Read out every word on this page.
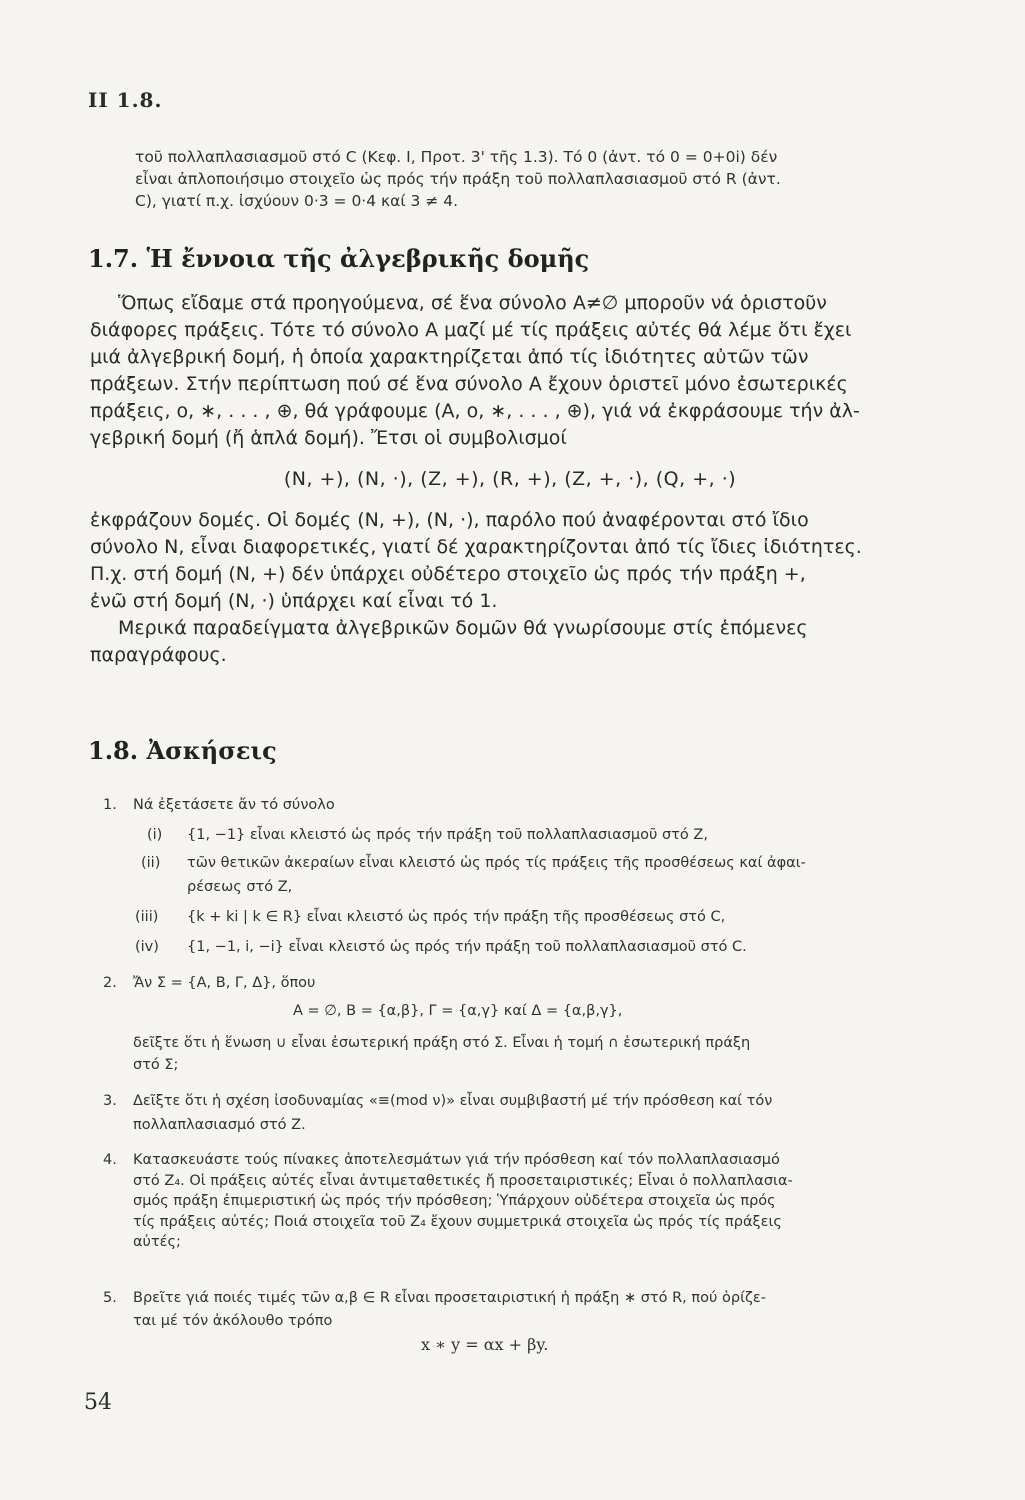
II 1.8.
τοῦ πολλαπλασιασμοῦ στό C (Κεφ. Ι, Προτ. 3' τῆς 1.3). Τό 0 (ἀντ. τό 0 = 0+0i) δέν
εἶναι ἀπλοποιήσιμο στοιχεῖο ὡς πρός τήν πράξη τοῦ πολλαπλασιασμοῦ στό R (ἀντ.
C), γιατί π.χ. ἰσχύουν 0·3 = 0·4 καί 3 ≠ 4.
1.7. Ἡ ἔννοια τῆς ἀλγεβρικῆς δομῆς
Ὅπως εἴδαμε στά προηγούμενα, σέ ἕνα σύνολο Α≠∅ μποροῦν νά ὁριστοῦν
διάφορες πράξεις. Τότε τό σύνολο Α μαζί μέ τίς πράξεις αὐτές θά λέμε ὅτι ἔχει
μιά ἀλγεβρική δομή, ἡ ὁποία χαρακτηρίζεται ἀπό τίς ἰδιότητες αὐτῶν τῶν
πράξεων. Στήν περίπτωση πού σέ ἕνα σύνολο Α ἔχουν ὁριστεῖ μόνο ἐσωτερικές
πράξεις, ο, ∗, . . . , ⊕, θά γράφουμε (Α, ο, ∗, . . . , ⊕), γιά νά ἐκφράσουμε τήν ἀλ-
γεβρική δομή (ἤ ἁπλά δομή). Ἔτσι οἱ συμβολισμοί
(N, +), (N, ·), (Z, +), (R, +), (Z, +, ·), (Q, +, ·)
ἐκφράζουν δομές. Οἱ δομές (N, +), (N, ·), παρόλο πού ἀναφέρονται στό ἴδιο
σύνολο N, εἶναι διαφορετικές, γιατί δέ χαρακτηρίζονται ἀπό τίς ἴδιες ἰδιότητες.
Π.χ. στή δομή (N, +) δέν ὑπάρχει οὐδέτερο στοιχεῖο ὡς πρός τήν πράξη +,
ἐνῶ στή δομή (N, ·) ὑπάρχει καί εἶναι τό 1.
Μερικά παραδείγματα ἀλγεβρικῶν δομῶν θά γνωρίσουμε στίς ἑπόμενες
παραγράφους.
1.8. Ἀσκήσεις
1. Νά ἐξετάσετε ἄν τό σύνολο
(i) {1, −1} εἶναι κλειστό ὡς πρός τήν πράξη τοῦ πολλαπλασιασμοῦ στό Z,
(ii) τῶν θετικῶν ἀκεραίων εἶναι κλειστό ὡς πρός τίς πράξεις τῆς προσθέσεως καί ἀφαι-
ρέσεως στό Z,
(iii) {k + ki | k ∈ R} εἶναι κλειστό ὡς πρός τήν πράξη τῆς προσθέσεως στό C,
(iv) {1, −1, i, −i} εἶναι κλειστό ὡς πρός τήν πράξη τοῦ πολλαπλασιασμοῦ στό C.
2. Ἄν Σ = {Α, Β, Γ, Δ}, ὅπου
Α = ∅, Β = {α,β}, Γ = {α,γ} καί Δ = {α,β,γ},
δεῖξτε ὅτι ἡ ἕνωση ∪ εἶναι ἐσωτερική πράξη στό Σ. Εἶναι ἡ τομή ∩ ἐσωτερική πράξη
στό Σ;
3. Δεῖξτε ὅτι ἡ σχέση ἰσοδυναμίας «≡(mod ν)» εἶναι συμβιβαστή μέ τήν πρόσθεση καί τόν
πολλαπλασιασμό στό Z.
4. Κατασκευάστε τούς πίνακες ἀποτελεσμάτων γιά τήν πρόσθεση καί τόν πολλαπλασιασμό
στό Z₄. Οἱ πράξεις αὐτές εἶναι ἀντιμεταθετικές ἤ προσεταιριστικές; Εἶναι ὁ πολλαπλασια-
σμός πράξη ἐπιμεριστική ὡς πρός τήν πρόσθεση; Ὑπάρχουν οὐδέτερα στοιχεῖα ὡς πρός
τίς πράξεις αὐτές; Ποιά στοιχεῖα τοῦ Z₄ ἔχουν συμμετρικά στοιχεῖα ὡς πρός τίς πράξεις
αὐτές;
5. Βρεῖτε γιά ποιές τιμές τῶν α,β ∈ R εἶναι προσεταιριστική ἡ πράξη ∗ στό R, πού ὁρίζε-
ται μέ τόν ἀκόλουθο τρόπο
x ∗ y = αx + βy.
54
